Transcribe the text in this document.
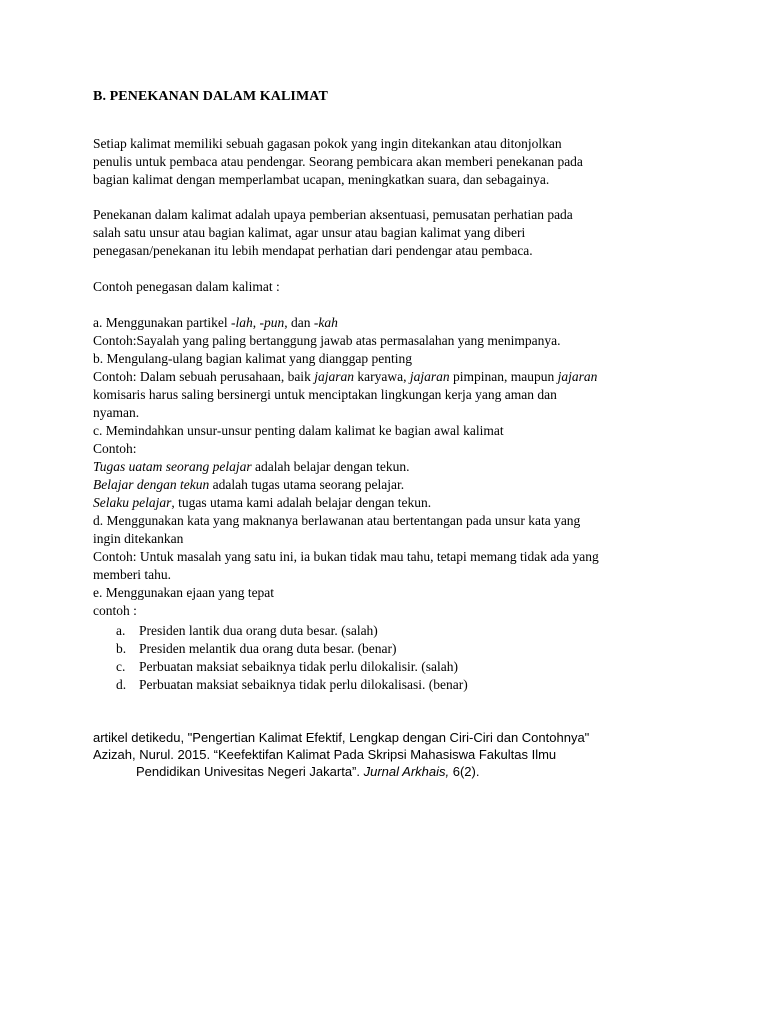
B. PENEKANAN DALAM KALIMAT
Setiap kalimat memiliki sebuah gagasan pokok yang ingin ditekankan atau ditonjolkan
penulis untuk pembaca atau pendengar. Seorang pembicara akan memberi penekanan pada
bagian kalimat dengan memperlambat ucapan, meningkatkan suara, dan sebagainya.
Penekanan dalam kalimat adalah upaya pemberian aksentuasi, pemusatan perhatian pada
salah satu unsur atau bagian kalimat, agar unsur atau bagian kalimat yang diberi
penegasan/penekanan itu lebih mendapat perhatian dari pendengar atau pembaca.
Contoh penegasan dalam kalimat :
a. Menggunakan partikel -lah, -pun, dan -kah
Contoh:Sayalah yang paling bertanggung jawab atas permasalahan yang menimpanya.
b. Mengulang-ulang bagian kalimat yang dianggap penting
Contoh: Dalam sebuah perusahaan, baik jajaran karyawa, jajaran pimpinan, maupun jajaran
komisaris harus saling bersinergi untuk menciptakan lingkungan kerja yang aman dan
nyaman.
c. Memindahkan unsur-unsur penting dalam kalimat ke bagian awal kalimat
Contoh:
Tugas uatam seorang pelajar adalah belajar dengan tekun.
Belajar dengan tekun adalah tugas utama seorang pelajar.
Selaku pelajar, tugas utama kami adalah belajar dengan tekun.
d. Menggunakan kata yang maknanya berlawanan atau bertentangan pada unsur kata yang
ingin ditekankan
Contoh: Untuk masalah yang satu ini, ia bukan tidak mau tahu, tetapi memang tidak ada yang
memberi tahu.
e. Menggunakan ejaan yang tepat
contoh :
a. Presiden lantik dua orang duta besar. (salah)
b. Presiden melantik dua orang duta besar. (benar)
c. Perbuatan maksiat sebaiknya tidak perlu dilokalisir. (salah)
d. Perbuatan maksiat sebaiknya tidak perlu dilokalisasi. (benar)
artikel detikedu, "Pengertian Kalimat Efektif, Lengkap dengan Ciri-Ciri dan Contohnya"
Azizah, Nurul. 2015. “Keefektifan Kalimat Pada Skripsi Mahasiswa Fakultas Ilmu
Pendidikan Univesitas Negeri Jakarta”. Jurnal Arkhais, 6(2).
